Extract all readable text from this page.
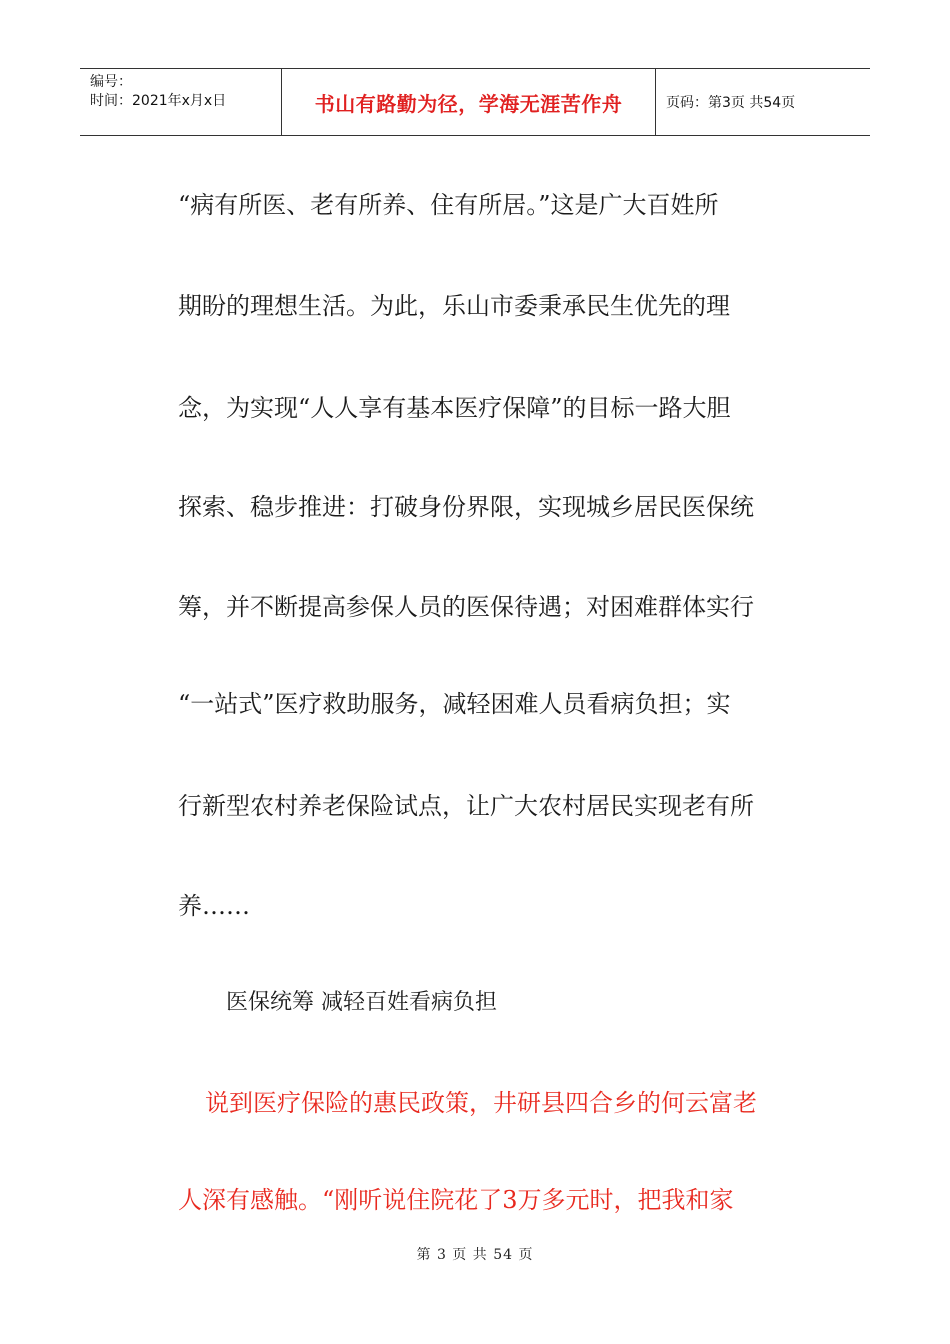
编号：
时间：2021年x月x日	书山有路勤为径，学海无涯苦作舟	页码：第3页 共54页
“病有所医、老有所养、住有所居。”这是广大百姓所
期盼的理想生活。为此，乐山市委秉承民生优先的理
念，为实现“人人享有基本医疗保障”的目标一路大胆
探索、稳步推进：打破身份界限，实现城乡居民医保统
筹，并不断提高参保人员的医保待遇；对困难群体实行
“一站式”医疗救助服务，减轻困难人员看病负担；实
行新型农村养老保险试点，让广大农村居民实现老有所
养……
医保统筹 减轻百姓看病负担
说到医疗保险的惠民政策，井研县四合乡的何云富老
人深有感触。“刚听说住院花了3万多元时，把我和家
第 3 页 共 54 页
